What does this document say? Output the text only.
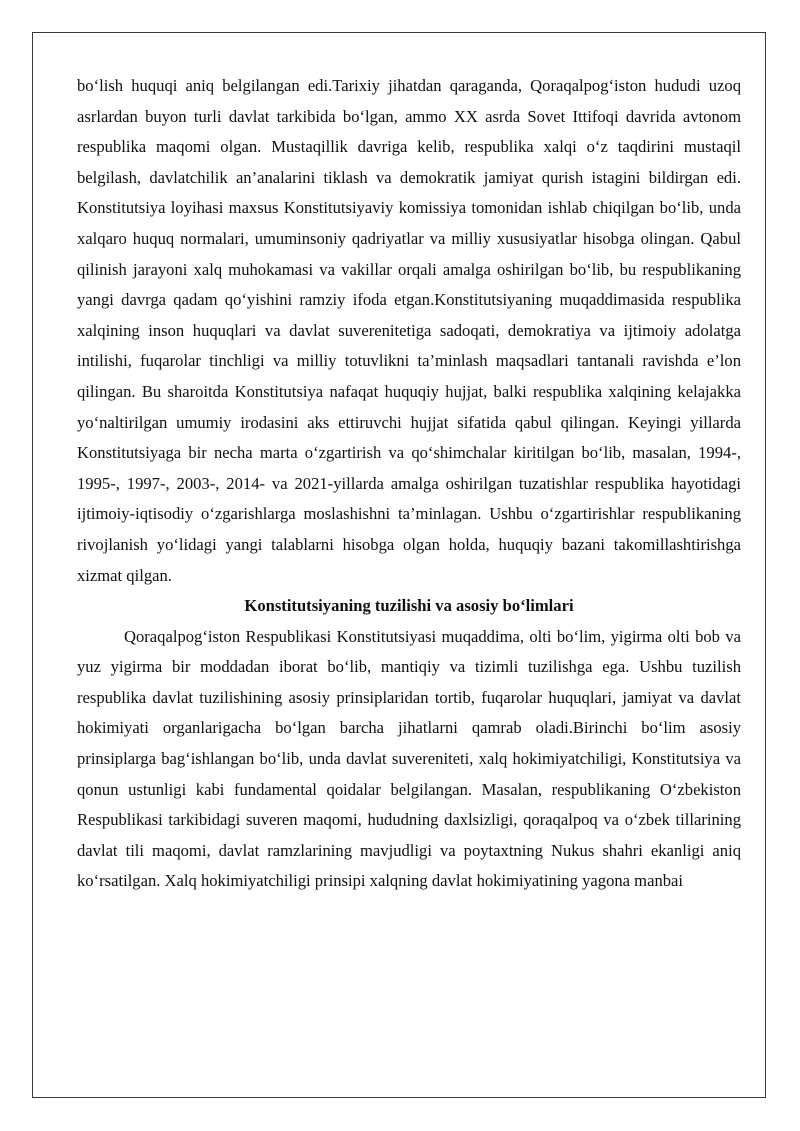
bo‘lish huquqi aniq belgilangan edi.Tarixiy jihatdan qaraganda, Qoraqalpog‘iston hududi uzoq asrlardan buyon turli davlat tarkibida bo‘lgan, ammo XX asrda Sovet Ittifoqi davrida avtonom respublika maqomi olgan. Mustaqillik davriga kelib, respublika xalqi o‘z taqdirini mustaqil belgilash, davlatchilik an’analarini tiklash va demokratik jamiyat qurish istagini bildirgan edi. Konstitutsiya loyihasi maxsus Konstitutsiyaviy komissiya tomonidan ishlab chiqilgan bo‘lib, unda xalqaro huquq normalari, umuminsoniy qadriyatlar va milliy xususiyatlar hisobga olingan. Qabul qilinish jarayoni xalq muhokamasi va vakillar orqali amalga oshirilgan bo‘lib, bu respublikaning yangi davrga qadam qo‘yishini ramziy ifoda etgan.Konstitutsiyaning muqaddimasida respublika xalqining inson huquqlari va davlat suverenitetiga sadoqati, demokratiya va ijtimoiy adolatga intilishi, fuqarolar tinchligi va milliy totuvlikni ta’minlash maqsadlari tantanali ravishda e’lon qilingan. Bu sharoitda Konstitutsiya nafaqat huquqiy hujjat, balki respublika xalqining kelajakka yo‘naltirilgan umumiy irodasini aks ettiruvchi hujjat sifatida qabul qilingan. Keyingi yillarda Konstitutsiyaga bir necha marta o‘zgartirish va qo‘shimchalar kiritilgan bo‘lib, masalan, 1994-, 1995-, 1997-, 2003-, 2014- va 2021-yillarda amalga oshirilgan tuzatishlar respublika hayotidagi ijtimoiy-iqtisodiy o‘zgarishlarga moslashishni ta’minlagan. Ushbu o‘zgartirishlar respublikaning rivojlanish yo‘lidagi yangi talablarni hisobga olgan holda, huquqiy bazani takomillashtirishga xizmat qilgan.

Konstitutsiyaning tuzilishi va asosiy bo‘limlari

Qoraqalpog‘iston Respublikasi Konstitutsiyasi muqaddima, olti bo‘lim, yigirma olti bob va yuz yigirma bir moddadan iborat bo‘lib, mantiqiy va tizimli tuzilishga ega. Ushbu tuzilish respublika davlat tuzilishining asosiy prinsiplaridan tortib, fuqarolar huquqlari, jamiyat va davlat hokimiyati organlarigacha bo‘lgan barcha jihatlarni qamrab oladi.Birinchi bo‘lim asosiy prinsiplarga bag‘ishlangan bo‘lib, unda davlat suvereniteti, xalq hokimiyatchiligi, Konstitutsiya va qonun ustunligi kabi fundamental qoidalar belgilangan. Masalan, respublikaning O‘zbekiston Respublikasi tarkibidagi suveren maqomi, hududning daxlsizligi, qoraqalpoq va o‘zbek tillarining davlat tili maqomi, davlat ramzlarining mavjudligi va poytaxtning Nukus shahri ekanligi aniq ko‘rsatilgan. Xalq hokimiyatchiligi prinsipi xalqning davlat hokimiyatining yagona manbai
